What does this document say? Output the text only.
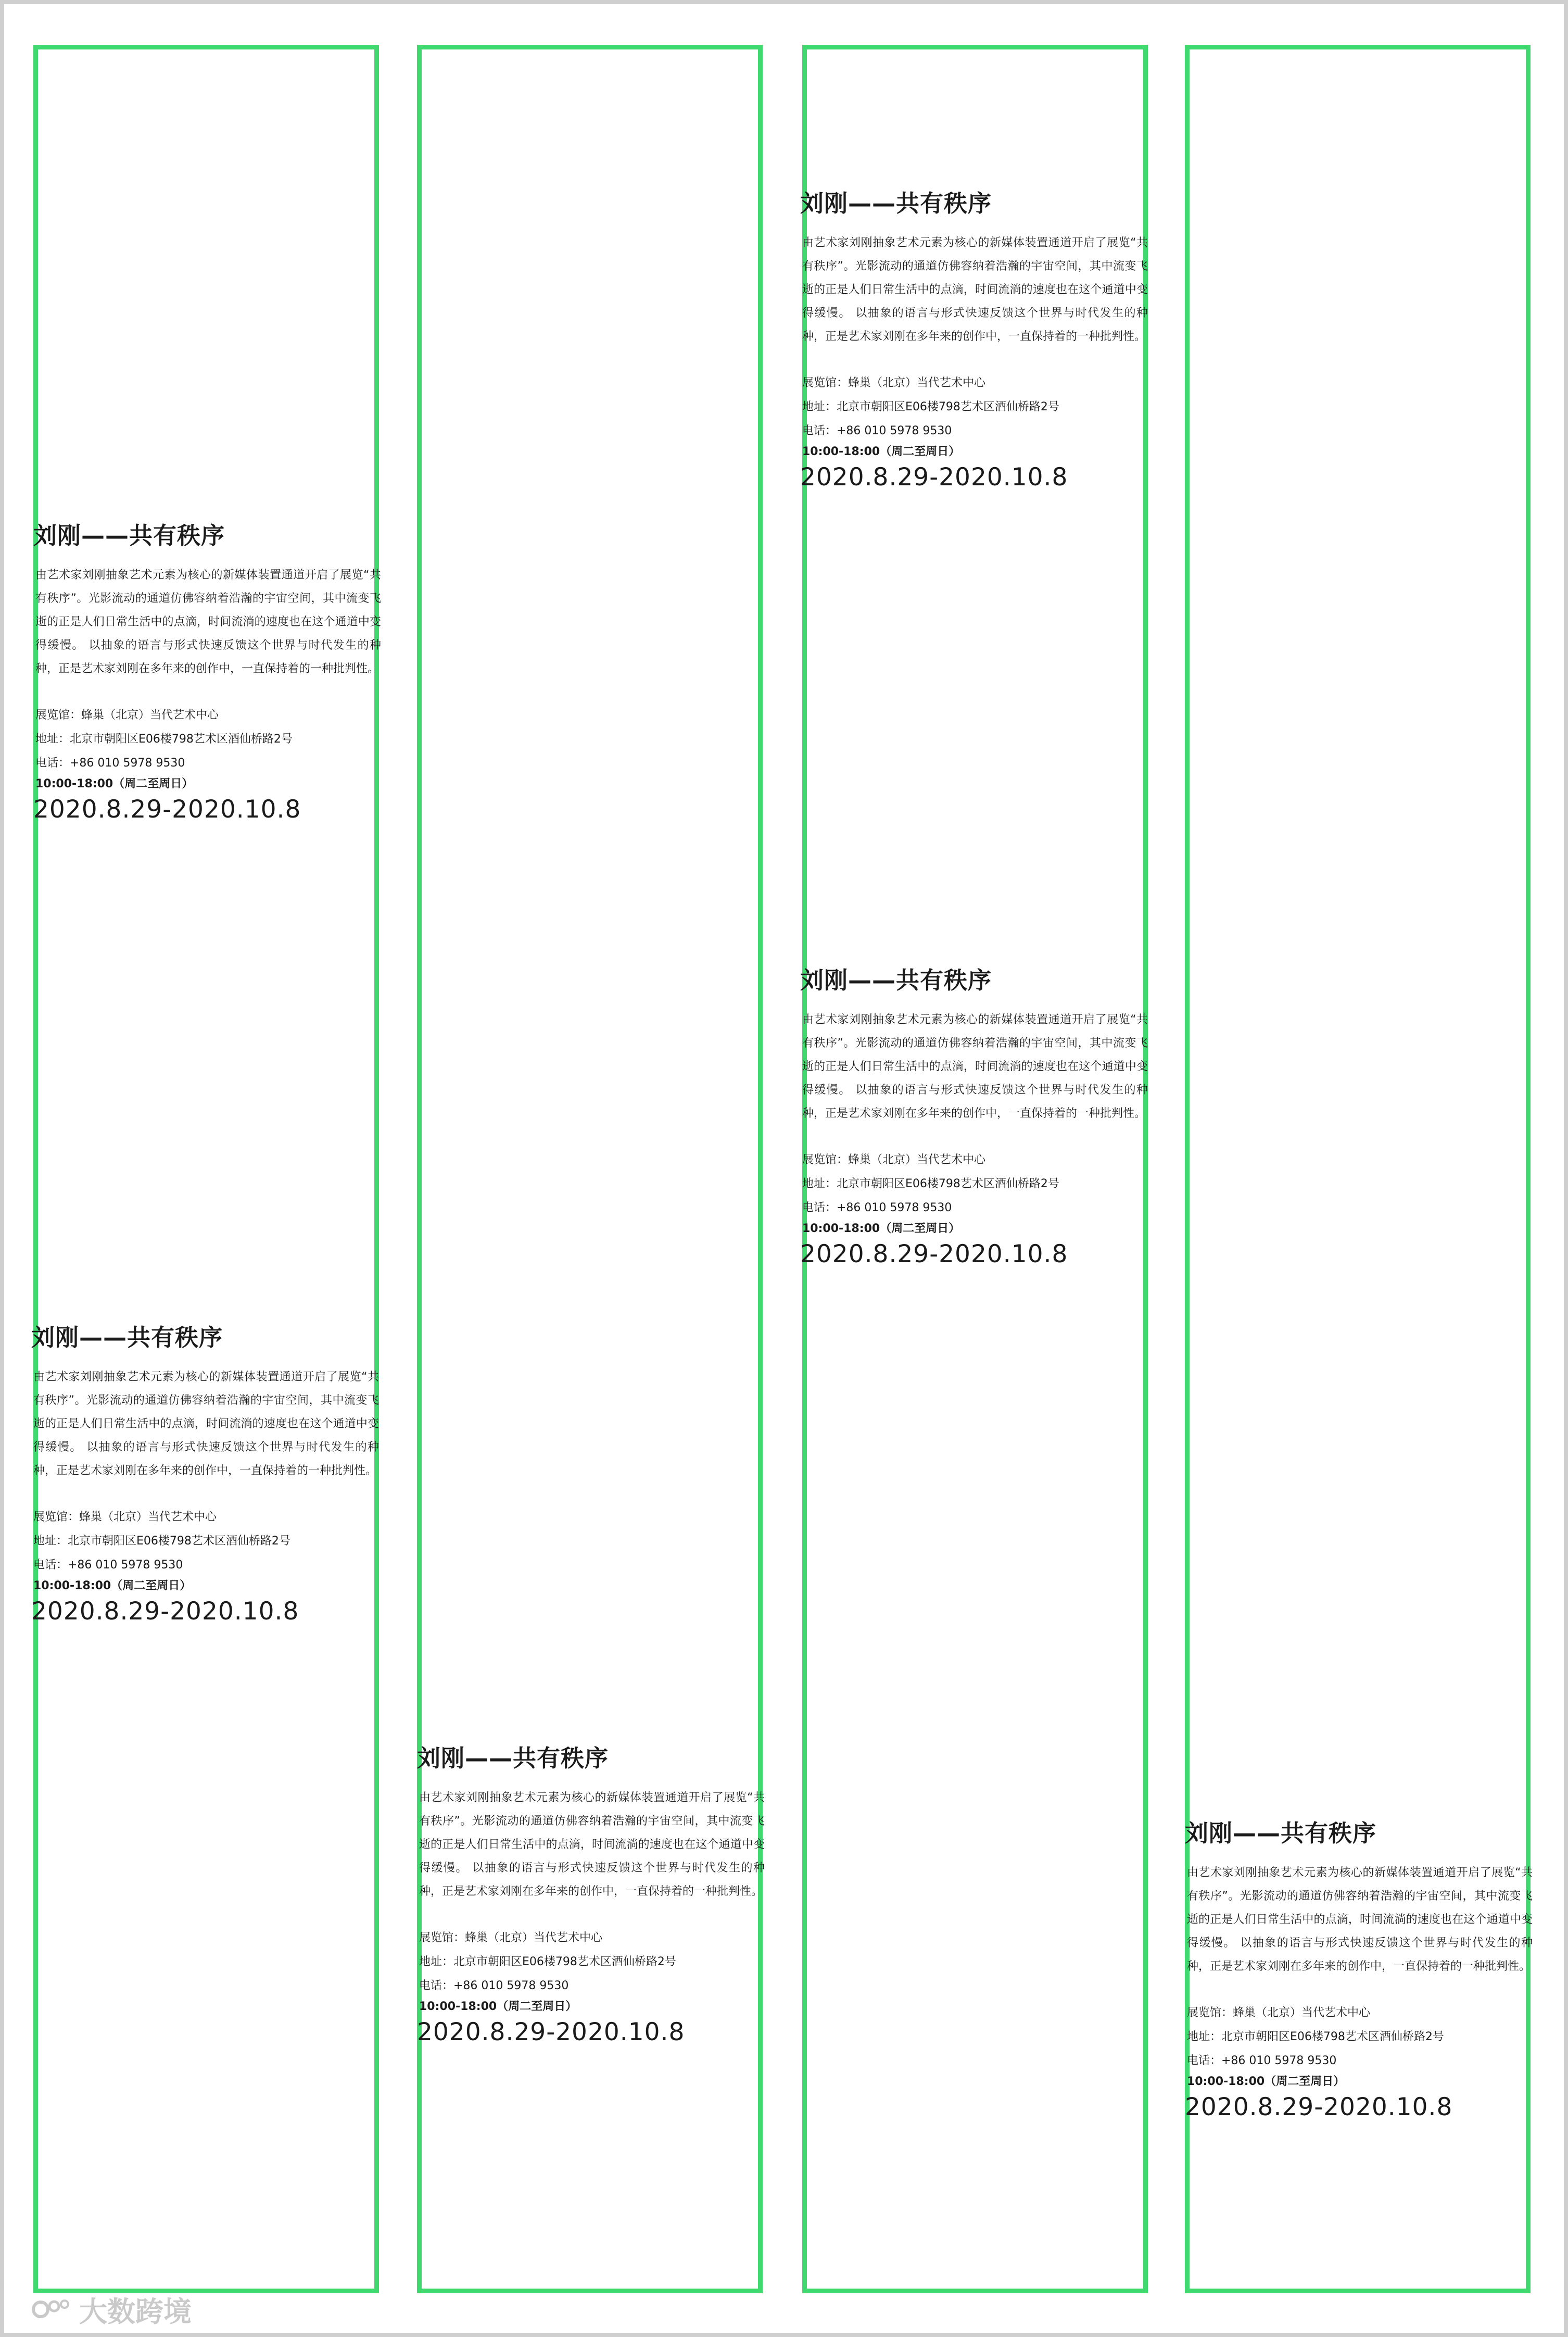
刘刚——共有秩序
由艺术家刘刚抽象艺术元素为核心的新媒体装置通道开启了展览“共有秩序”。光影流动的通道仿佛容纳着浩瀚的宇宙空间，其中流变飞逝的正是人们日常生活中的点滴，时间流淌的速度也在这个通道中变得缓慢。 以抽象的语言与形式快速反馈这个世界与时代发生的种种，正是艺术家刘刚在多年来的创作中，一直保持着的一种批判性。
展览馆：蜂巢（北京）当代艺术中心
地址：北京市朝阳区E06楼798艺术区酒仙桥路2号
电话：+86 010 5978 9530
10:00-18:00（周二至周日）
2020.8.29-2020.10.8
刘刚——共有秩序
由艺术家刘刚抽象艺术元素为核心的新媒体装置通道开启了展览“共有秩序”。光影流动的通道仿佛容纳着浩瀚的宇宙空间，其中流变飞逝的正是人们日常生活中的点滴，时间流淌的速度也在这个通道中变得缓慢。 以抽象的语言与形式快速反馈这个世界与时代发生的种种，正是艺术家刘刚在多年来的创作中，一直保持着的一种批判性。
展览馆：蜂巢（北京）当代艺术中心
地址：北京市朝阳区E06楼798艺术区酒仙桥路2号
电话：+86 010 5978 9530
10:00-18:00（周二至周日）
2020.8.29-2020.10.8
刘刚——共有秩序
由艺术家刘刚抽象艺术元素为核心的新媒体装置通道开启了展览“共有秩序”。光影流动的通道仿佛容纳着浩瀚的宇宙空间，其中流变飞逝的正是人们日常生活中的点滴，时间流淌的速度也在这个通道中变得缓慢。 以抽象的语言与形式快速反馈这个世界与时代发生的种种，正是艺术家刘刚在多年来的创作中，一直保持着的一种批判性。
展览馆：蜂巢（北京）当代艺术中心
地址：北京市朝阳区E06楼798艺术区酒仙桥路2号
电话：+86 010 5978 9530
10:00-18:00（周二至周日）
2020.8.29-2020.10.8
刘刚——共有秩序
由艺术家刘刚抽象艺术元素为核心的新媒体装置通道开启了展览“共有秩序”。光影流动的通道仿佛容纳着浩瀚的宇宙空间，其中流变飞逝的正是人们日常生活中的点滴，时间流淌的速度也在这个通道中变得缓慢。 以抽象的语言与形式快速反馈这个世界与时代发生的种种，正是艺术家刘刚在多年来的创作中，一直保持着的一种批判性。
展览馆：蜂巢（北京）当代艺术中心
地址：北京市朝阳区E06楼798艺术区酒仙桥路2号
电话：+86 010 5978 9530
10:00-18:00（周二至周日）
2020.8.29-2020.10.8
刘刚——共有秩序
由艺术家刘刚抽象艺术元素为核心的新媒体装置通道开启了展览“共有秩序”。光影流动的通道仿佛容纳着浩瀚的宇宙空间，其中流变飞逝的正是人们日常生活中的点滴，时间流淌的速度也在这个通道中变得缓慢。 以抽象的语言与形式快速反馈这个世界与时代发生的种种，正是艺术家刘刚在多年来的创作中，一直保持着的一种批判性。
展览馆：蜂巢（北京）当代艺术中心
地址：北京市朝阳区E06楼798艺术区酒仙桥路2号
电话：+86 010 5978 9530
10:00-18:00（周二至周日）
2020.8.29-2020.10.8
刘刚——共有秩序
由艺术家刘刚抽象艺术元素为核心的新媒体装置通道开启了展览“共有秩序”。光影流动的通道仿佛容纳着浩瀚的宇宙空间，其中流变飞逝的正是人们日常生活中的点滴，时间流淌的速度也在这个通道中变得缓慢。 以抽象的语言与形式快速反馈这个世界与时代发生的种种，正是艺术家刘刚在多年来的创作中，一直保持着的一种批判性。
展览馆：蜂巢（北京）当代艺术中心
地址：北京市朝阳区E06楼798艺术区酒仙桥路2号
电话：+86 010 5978 9530
10:00-18:00（周二至周日）
2020.8.29-2020.10.8
大数跨境
